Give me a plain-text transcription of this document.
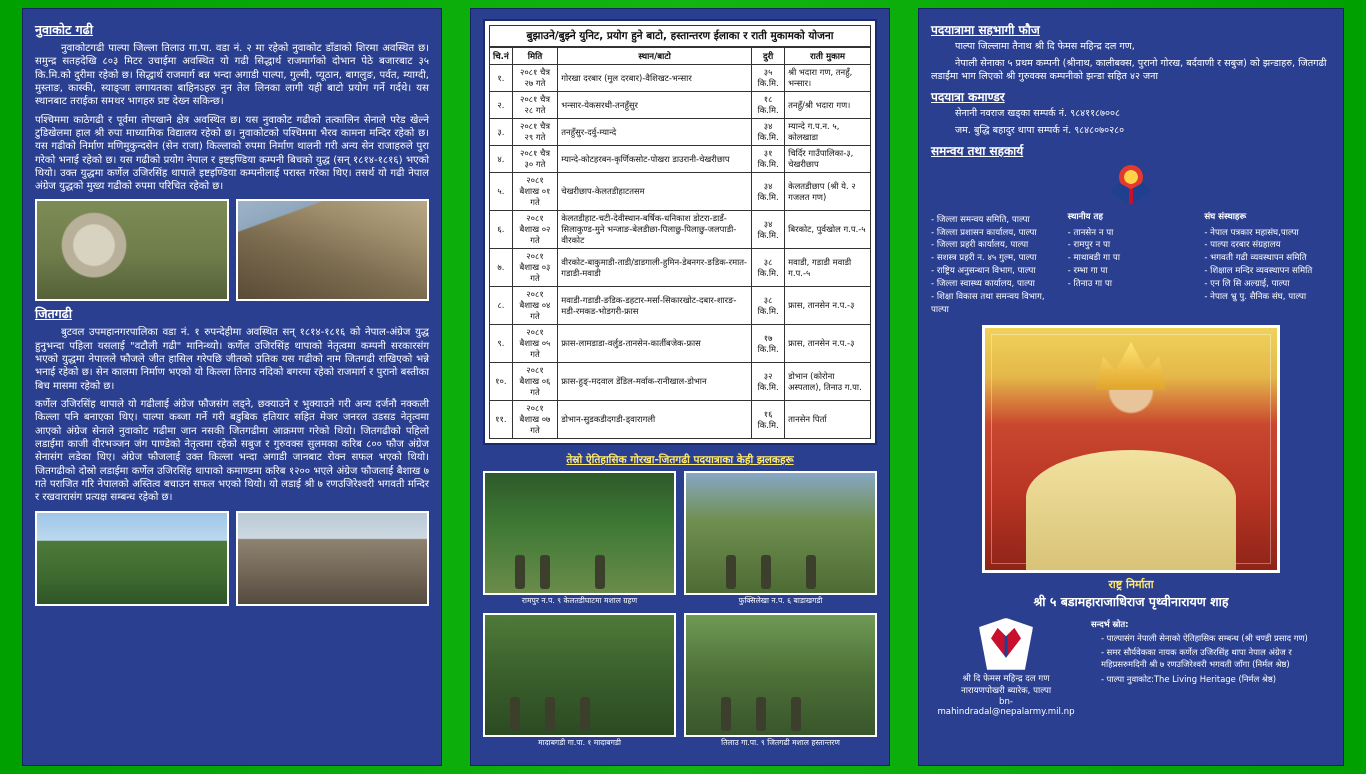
नुवाकोट गढी
नुवाकोटगढी पाल्पा जिल्ला तिलाउ गा.पा. वडा नं. २ मा रहेको नुवाकोट डाँडाको शिरमा अवस्थित छ। समुन्द्र सतहदेखि ८०३ मिटर उचाईमा अवस्थित यो गढी सिद्धार्थ राजमार्गको दोभान पेठे बजारबाट ३५ कि.मि.को दुरीमा रहेको छ। सिद्धार्थ राजमार्ग बन्न भन्दा अगाडी पाल्पा, गुल्मी, प्यूठान, बागलुङ, पर्वत, म्याग्दी, मुस्ताङ, कास्की, स्याङ्जा लगायतका बाहिनऽहरु नुन तेल लिनका लागी यही बाटो प्रयोग गर्ने गर्दथे। यस स्थानबाट तराईका समथर भागहरु प्रष्ट देख्न सकिन्छ।
पश्चिममा काठेगढी र पूर्वमा तोपखाने क्षेत्र अवस्थित छ। यस नुवाकोट गढीको तत्कालिन सेनाले परेड खेल्ने टुडिखेलमा हाल श्री रुपा माध्यामिक विद्यालय रहेको छ। नुवाकोटको पश्चिममा भैरव कामना मन्दिर रहेको छ। यस गढीको निर्माण मणिमुकुन्दसेन (सेन राजा) किल्लाको रुपमा निर्माण थालनी गरी अन्य सेन राजाहरुले पुरा गरेको भनाई रहेको छ। यस गढीको प्रयोग नेपाल र इष्टइण्डिया कम्पनी बिचको युद्ध (सन् १८१४-१८१६) भएको थियो। उक्त युद्धमा कर्णेल उजिरसिंह थापाले इष्टइण्डिया कम्पनीलाई परास्त गरेका थिए। तसर्थ यो गढी नेपाल अंग्रेज युद्धको मुख्य गढीको रुपमा परिचित रहेको छ।
जितगढी
बुटवल उपमहानगरपालिका वडा नं. १ रुपन्देहीमा अवस्थित सन् १८१४-१८१६ को नेपाल-अंग्रेज युद्ध हुनुभन्दा पहिला यसलाई "वटौली गढी" मानिन्थ्यो। कर्णेल उजिरसिंह थापाको नेतृत्वमा कम्पनी सरकारसंग भएको युद्धमा नेपालले फौजले जीत हासिल गरेपछि जीतको प्रतिक यस गढीको नाम जितगढी राखिएको भन्ने भनाई रहेको छ। सेन कालमा निर्माण भएको यो किल्ला तिनाउ नदिको बगरमा रहेको राजमार्ग र पुरानो बस्तीका बिच मासमा रहेको छ।
कर्णेल उजिरसिंह थापाले यो गढीलाई अंग्रेज फौजसंग लड्ने, छक्याउने र भुक्याउने गरी अन्य दर्जनौ नक्कली किल्ला पनि बनाएका थिए। पाल्पा कब्जा गर्ने गरी बडुबिक हतियार सहित मेजर जनरल उडसड नेतृत्वमा आएको अंग्रेज सेनाले नुवाकोट गढीमा जान नसकी जितगढीमा आक्रमण गरेको थियो। जितगढीको पहिलो लडाईमा काजी वीरभञ्जन जंग पाण्डेको नेतृत्वमा रहेको सबुज र गुरुवक्स सुलमका करिब ८०० फौज अंग्रेज सेनासंग लडेका थिए। अंग्रेज फौजलाई उक्त किल्ला भन्दा अगाडी जानबाट रोक्न सफल भएको थियो। जितगढीको दोस्रो लडाईमा कर्णेल उजिरसिंह थापाको कमाण्डमा करिब १२०० भएले अंग्रेज फौजलाई बैशाख ७ गते पराजित गरि नेपालको अस्तित्व बचाउन सफल भएको थियो। यो लडाई श्री ७ रणउजिरेश्वरी भगवती मन्दिर र रखवारासंग प्रत्यक्ष सम्बन्ध रहेको छ।
बुझाउने/बुझ्ने युनिट, प्रयोग हुने बाटो, हस्तान्तरण ईलाका र राती मुकामको योजना
चि.नं	मिति	स्थान/बाटो	दुरी	राती मुकाम
१.	२०८१ चैत्र २७ गते	गोरखा दरबार (मुल दरबार)-वैशिखट-भन्सार	३५ कि.मि.	श्री भदारा गण, तनहुँ, भन्सार।
२.	२०८१ चैत्र २८ गते	भन्सार-येकसरथी-तनहुँसुर	१८ कि.मि.	तनहुँ/श्री भदारा गण।
३.	२०८१ चैत्र २९ गते	तनहुँसुर-दर्वु-म्यान्दे	३४ कि.मि.	म्यान्दे ग.प.न. ५, कोलखाडा
४.	२०८१ चैत्र ३० गते	म्यान्दे-कोटहरबन-कृर्णिकसोट-पोखरा डाउरानी-चेखरीछाप	३१ कि.मि.	चिर्दिर गाउँपालिका-३, चेखरीछाप
५.	२०८१ बैशाख ०१ गते	चेखरीछाप-केलतडीहाटतसम	३४ कि.मि.	केलतडीछाप (श्री ये. २ गजलत गण)
६.	२०८१ बैशाख ०२ गते	केलतडीहाट-चटी-देवीस्थान-बर्षिक-धनिकाश डोटरा-डाडँ-सिलाकुण्ड-मुने भन्जाङ-बेलडीछा-पिलाछु-पिलाछु-जलपाडी-वीरकोट	३४ कि.मि.	बिरकोट, पुर्वखोल ग.प.-५
७.	२०८१ बैशाख ०३ गते	वीरकोट-बाकुमाडी-ताडी/डाडगाली-हुमिन-डेबनगर-ङडिक-रमात-गडाडी-मवाडी	३८ कि.मि.	मवाडी, गडाडी मवाडी ग.प.-५
८.	२०८१ बैशाख ०४ गते	मवाडी-गडाडी-ङडिक-डहटार-मर्सा-सिकारखोट-दबार-शारङ-मडी-रमकड-भोडगरी-फ्रास	३८ कि.मि.	फ्रास, तानसेन न.प.-३
९.	२०८१ बैशाख ०५ गते	फ्रास-लामडाडा-वर्लुड-तानसेन-कार्तीबजेक-फ्रास	१७ कि.मि.	फ्रास, तानसेन न.प.-३
१०.	२०८१ बैशाख ०६ गते	फ्रास-हुङ्-मदवाल डेंडिल-मर्वाक-रानीखाल-डोभान	३२ कि.मि.	डोभान (कोरोना अस्पताल), तिनाउ ग.पा.
११.	२०८१ बैशाख ०७ गते	डोभान-सुडकडीदगडी-ड्वारागली	१६ कि.मि.	तानसेन पिर्ता
तेस्रो ऐतिहासिक गोरखा-जितगढी पदयात्राका केही झलकहरू
रामपुर न.प. ९ केलतडीघाटमा मशाल ग्रहण	फुक्सिलेखा न.प. ६ बाडाखगडी
मादाबगडी गा.पा. १ मादाबगडी	तिलाउ गा.पा. ९ जितगढी मशाल हस्तान्तरण
पदयात्रामा सहभागी फौज
पाल्पा जिल्लामा तैनाथ श्री दि फेमस महिन्द्र दल गण,
नेपाली सेनाका ५ प्रथम कम्पनी (श्रीनाथ, कालीबक्स, पुरानो गोरख, बर्दवाणी र सबुज) को झन्डाहरु, जितगढी लडाईंमा भाग लिएको श्री गुरुवक्स कम्पनीको झन्डा सहित ४२ जना
पदयात्रा कमाण्डर
सेनानी नवराज खड्का सम्पर्क नं. ९८४११८७००८
जम. बुद्धि बहादुर थापा सम्पर्क नं. ९८४८०७०२८०
समन्वय तथा सहकार्य
- जिल्ला समन्वय समिति, पाल्पा
- जिल्ला प्रशासन कार्यालय, पाल्पा
- जिल्ला प्रहरी कार्यालय, पाल्पा
- सशस्त्र प्रहरी न. ४५ गुल्म, पाल्पा
- राष्ट्रिय अनुसन्धान विभाग, पाल्पा
- जिल्ला स्वास्थ्य कार्यालय, पाल्पा
- शिक्षा विकास तथा समन्वय विभाग, पाल्पा
स्थानीय तह
- तानसेन न पा
- रामपुर न पा
- माथाबडी गा पा
- रम्भा गा पा
- तिनाउ गा पा
संघ संस्थाहरू
- नेपाल पत्रकार महासंघ,पाल्पा
- पाल्पा दरबार संग्रहालय
- भगवती गढी व्यवस्थापन समिति
- शिक्षाल मन्दिर व्यवस्थापन समिति
- एन लि सि अल्ग्राई, पाल्पा
- नेपाल भ्रु पु. सैनिक संघ, पाल्पा
राष्ट्र निर्माता
श्री ५ बडामहाराजाधिराज पृथ्वीनारायण शाह
श्री दि फेमस महिन्द्र दल गण
नारायणपोखरी ब्यारेक, पाल्पा
bn-mahindradal@nepalarmy.mil.np
सन्दर्भ स्रोत:
- पाल्पासंग नेपाली सेनाको ऐतिहासिक सम्बन्ध (श्री चण्डी प्रसाद गण)
- समर सौर्यवेकका नायक कर्णेल उजिरसिंह थापा नेपाल अंग्रेज र महिप्रसरुमदिनी श्री ७ रणउजिरेश्वरी भगवती जाँगा (निर्मल श्रेष्ठ)
- पाल्पा नुवाकोट:The Living Heritage (निर्मल श्रेष्ठ)
